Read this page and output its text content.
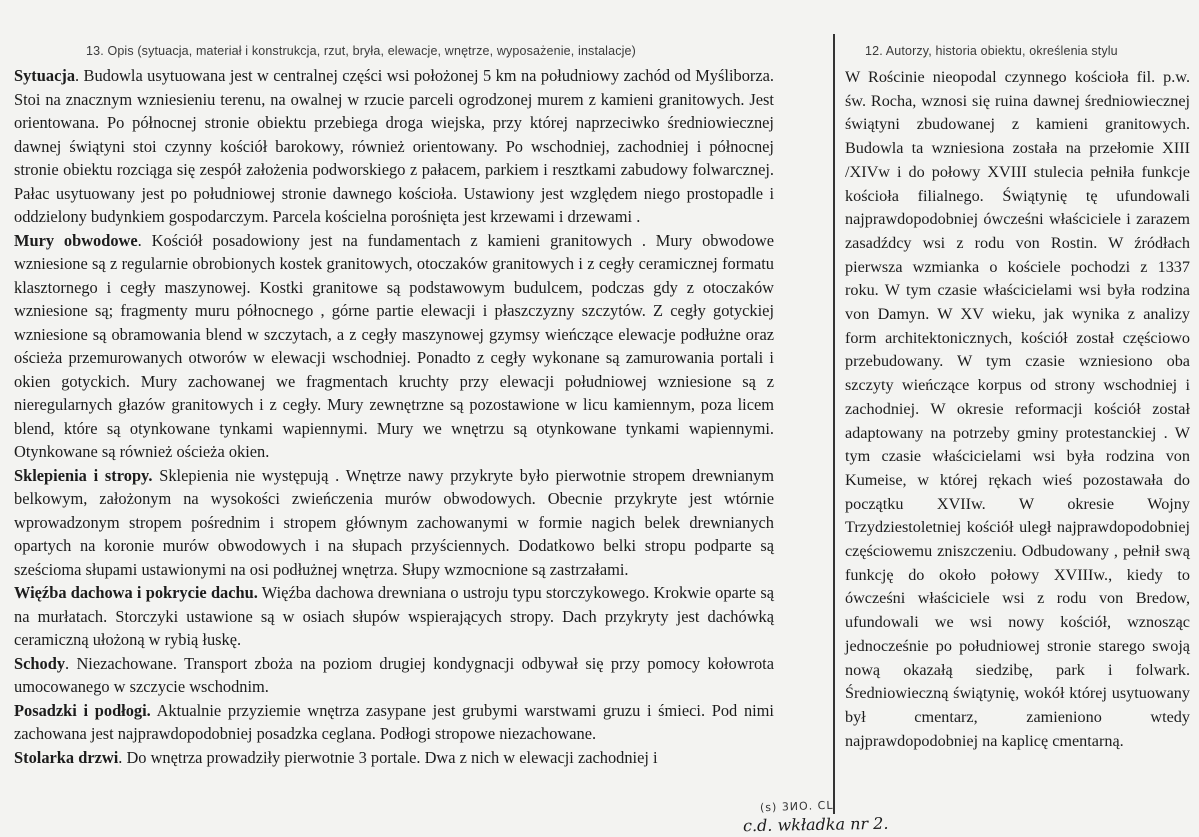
13. Opis (sytuacja, materiał i konstrukcja, rzut, bryła, elewacje, wnętrze, wyposażenie, instalacje)

Sytuacja. Budowla usytuowana jest w centralnej części wsi położonej 5 km na południowy zachód od Myśliborza. Stoi na znacznym wzniesieniu terenu, na owalnej w rzucie parceli ogrodzonej murem z kamieni granitowych. Jest orientowana. Po północnej stronie obiektu przebiega droga wiejska, przy której naprzeciwko średniowiecznej dawnej świątyni stoi czynny kościół barokowy, również orientowany. Po wschodniej, zachodniej i północnej stronie obiektu rozciąga się zespół założenia podworskiego z pałacem, parkiem i resztkami zabudowy folwarcznej. Pałac usytuowany jest po południowej stronie dawnego kościoła. Ustawiony jest względem niego prostopadle i oddzielony budynkiem gospodarczym. Parcela kościelna porośnięta jest krzewami i drzewami .

Mury obwodowe. Kościół posadowiony jest na fundamentach z kamieni granitowych . Mury obwodowe wzniesione są z regularnie obrobionych kostek granitowych, otoczaków granitowych i z cegły ceramicznej formatu klasztornego i cegły maszynowej. Kostki granitowe są podstawowym budulcem, podczas gdy z otoczaków wzniesione są; fragmenty muru północnego , górne partie elewacji i płaszczyzny szczytów. Z cegły gotyckiej wzniesione są obramowania blend w szczytach, a z cegły maszynowej gzymsy wieńczące elewacje podłużne oraz ościeża przemurowanych otworów w elewacji wschodniej. Ponadto z cegły wykonane są zamurowania portali i okien gotyckich. Mury zachowanej we fragmentach kruchty przy elewacji południowej wzniesione są z nieregularnych głazów granitowych i z cegły. Mury zewnętrzne są pozostawione w licu kamiennym, poza licem blend, które są otynkowane tynkami wapiennymi. Mury we wnętrzu są otynkowane tynkami wapiennymi. Otynkowane są również ościeża okien.

Sklepienia i stropy. Sklepienia nie występują . Wnętrze nawy przykryte było pierwotnie stropem drewnianym belkowym, założonym na wysokości zwieńczenia murów obwodowych. Obecnie przykryte jest wtórnie wprowadzonym stropem pośrednim i stropem głównym zachowanymi w formie nagich belek drewnianych opartych na koronie murów obwodowych i na słupach przyściennych. Dodatkowo belki stropu podparte są sześcioma słupami ustawionymi na osi podłużnej wnętrza. Słupy wzmocnione są zastrzałami.

Więźba dachowa i pokrycie dachu. Więźba dachowa drewniana o ustroju typu storczykowego. Krokwie oparte są na murłatach. Storczyki ustawione są w osiach słupów wspierających stropy. Dach przykryty jest dachówką ceramiczną ułożoną w rybią łuskę.

Schody. Niezachowane. Transport zboża na poziom drugiej kondygnacji odbywał się przy pomocy kołowrota umocowanego w szczycie wschodnim.

Posadzki i podłogi. Aktualnie przyziemie wnętrza zasypane jest grubymi warstwami gruzu i śmieci. Pod nimi zachowana jest najprawdopodobniej posadzka ceglana. Podłogi stropowe niezachowane.

Stolarka drzwi. Do wnętrza prowadziły pierwotnie 3 portale. Dwa z nich w elewacji zachodniej i

12. Autorzy, historia obiektu, określenia stylu

W Rościnie nieopodal czynnego kościoła fil. p.w. św. Rocha, wznosi się ruina dawnej średniowiecznej świątyni zbudowanej z kamieni granitowych. Budowla ta wzniesiona została na przełomie XIII /XIVw i do połowy XVIII stulecia pełniła funkcje kościoła filialnego. Świątynię tę ufundowali najprawdopodobniej ówcześni właściciele i zarazem zasadźdcy wsi z rodu von Rostin. W źródłach pierwsza wzmianka o kościele pochodzi z 1337 roku. W tym czasie właścicielami wsi była rodzina von Damyn. W XV wieku, jak wynika z analizy form architektonicznych, kościół został częściowo przebudowany. W tym czasie wzniesiono oba szczyty wieńczące korpus od strony wschodniej i zachodniej. W okresie reformacji kościół został adaptowany na potrzeby gminy protestanckiej . W tym czasie właścicielami wsi była rodzina von Kumeise, w której rękach wieś pozostawała do początku XVIIw. W okresie Wojny Trzydziestoletniej kościół uległ najprawdopodobniej częściowemu zniszczeniu. Odbudowany , pełnił swą funkcję do około połowy XVIIIw., kiedy to ówcześni właściciele wsi z rodu von Bredow, ufundowali we wsi nowy kościół, wznosząc jednocześnie po południowej stronie starego swoją nową okazałą siedzibę, park i folwark. Średniowieczną świątynię, wokół której usytuowany był cmentarz, zamieniono wtedy najprawdopodobniej na kaplicę cmentarną.

(s) 3ИО. CL
c.d. wkładka nr 2.
